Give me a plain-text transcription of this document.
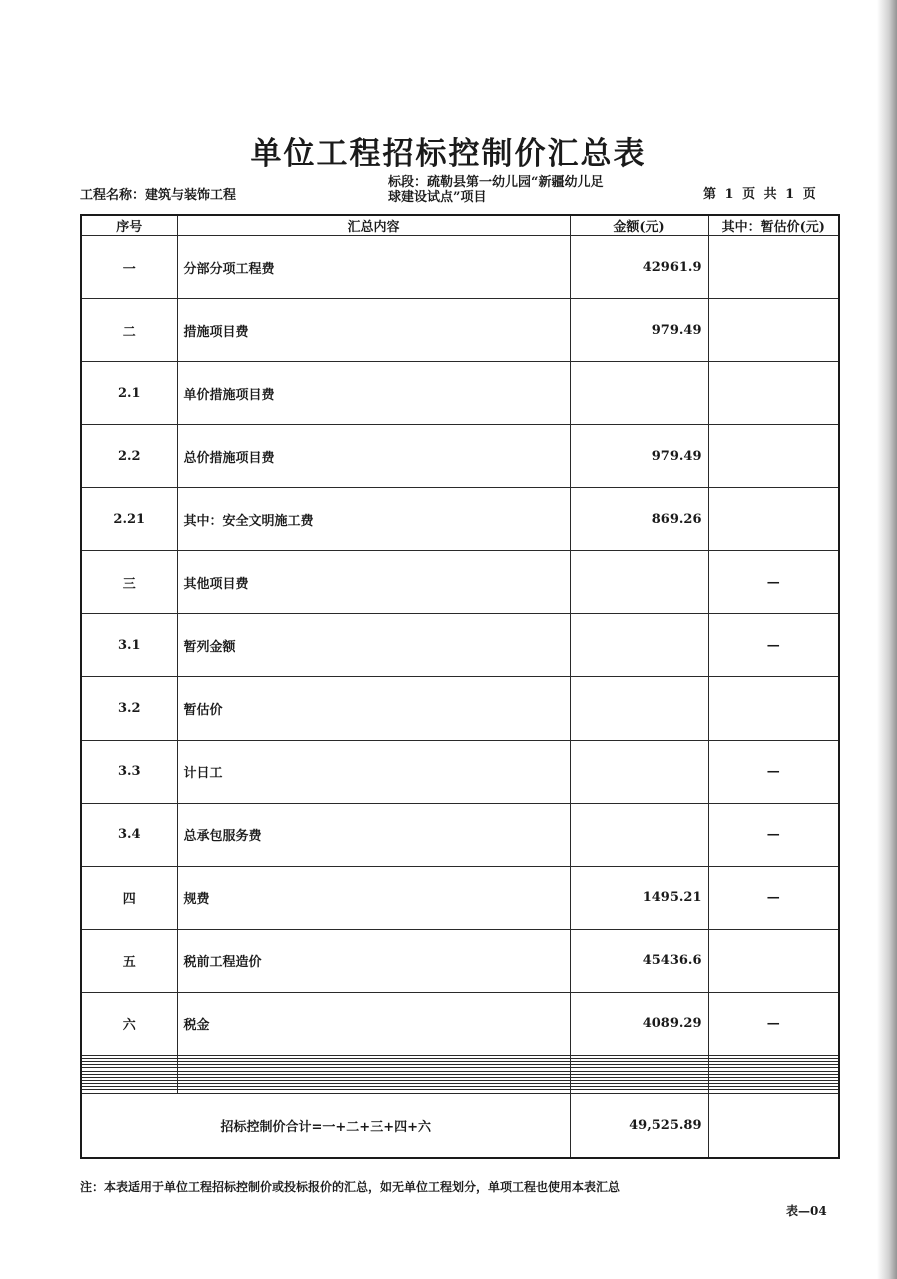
单位工程招标控制价汇总表
工程名称：建筑与装饰工程
标段：疏勒县第一幼儿园“新疆幼儿足
球建设试点”项目	第 1 页 共 1 页
序号	汇总内容	金额(元)	其中：暂估价(元)
一	分部分项工程费	42961.9	
二	措施项目费	979.49	
2.1	单价措施项目费		
2.2	总价措施项目费	979.49	
2.21	其中：安全文明施工费	869.26	
三	其他项目费		—
3.1	暂列金额		—
3.2	暂估价		
3.3	计日工		—
3.4	总承包服务费		—
四	规费	1495.21	—
五	税前工程造价	45436.6	
六	税金	4089.29	—

招标控制价合计=一+二+三+四+六		49,525.89	
注：本表适用于单位工程招标控制价或投标报价的汇总，如无单位工程划分，单项工程也使用本表汇总
表—04
